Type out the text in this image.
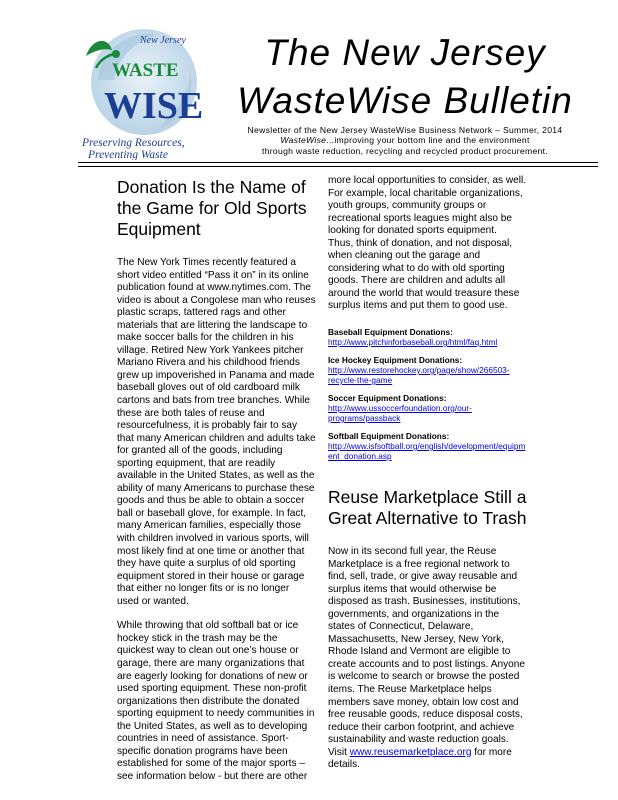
New Jersey
WASTE
WISE
Preserving Resources,
Preventing Waste
The New Jersey
WasteWise Bulletin
Newsletter of the New Jersey WasteWise Business Network – Summer, 2014
WasteWise...improving your bottom line and the environment
through waste reduction, recycling and recycled product procurement.
Donation Is the Name of
the Game for Old Sports
Equipment

The New York Times recently featured a

short video entitled “Pass it on” in its online

publication found at www.nytimes.com. The

video is about a Congolese man who reuses

plastic scraps, tattered rags and other

materials that are littering the landscape to

make soccer balls for the children in his

village. Retired New York Yankees pitcher

Mariano Rivera and his childhood friends

grew up impoverished in Panama and made

baseball gloves out of old cardboard milk

cartons and bats from tree branches. While

these are both tales of reuse and

resourcefulness, it is probably fair to say

that many American children and adults take

for granted all of the goods, including

sporting equipment, that are readily

available in the United States, as well as the

ability of many Americans to purchase these

goods and thus be able to obtain a soccer

ball or baseball glove, for example. In fact,

many American families, especially those

with children involved in various sports, will

most likely find at one time or another that

they have quite a surplus of old sporting

equipment stored in their house or garage

that either no longer fits or is no longer

used or wanted.

While throwing that old softball bat or ice

hockey stick in the trash may be the

quickest way to clean out one’s house or

garage, there are many organizations that

are eagerly looking for donations of new or

used sporting equipment. These non-profit

organizations then distribute the donated

sporting equipment to needy communities in

the United States, as well as to developing

countries in need of assistance. Sport-

specific donation programs have been

established for some of the major sports –

see information below - but there are other

more local opportunities to consider, as well.

For example, local charitable organizations,

youth groups, community groups or

recreational sports leagues might also be

looking for donated sports equipment.

Thus, think of donation, and not disposal,

when cleaning out the garage and

considering what to do with old sporting

goods. There are children and adults all

around the world that would treasure these

surplus items and put them to good use.

Baseball Equipment Donations:
http://www.pitchinforbaseball.org/html/faq.html
Ice Hockey Equipment Donations:
http://www.restorehockey.org/page/show/266503-
recycle-the-game
Soccer Equipment Donations:
http://www.ussoccerfoundation.org/our-
programs/passback
Softball Equipment Donations:
http://www.isfsoftball.org/english/development/equipm
ent_donation.asp
Reuse Marketplace Still a
Great Alternative to Trash

Now in its second full year, the Reuse

Marketplace is a free regional network to

find, sell, trade, or give away reusable and

surplus items that would otherwise be

disposed as trash. Businesses, institutions,

governments, and organizations in the

states of Connecticut, Delaware,

Massachusetts, New Jersey, New York,

Rhode Island and Vermont are eligible to

create accounts and to post listings. Anyone

is welcome to search or browse the posted

items. The Reuse Marketplace helps

members save money, obtain low cost and

free reusable goods, reduce disposal costs,

reduce their carbon footprint, and achieve

sustainability and waste reduction goals.

Visit www.reusemarketplace.org for more

details.
